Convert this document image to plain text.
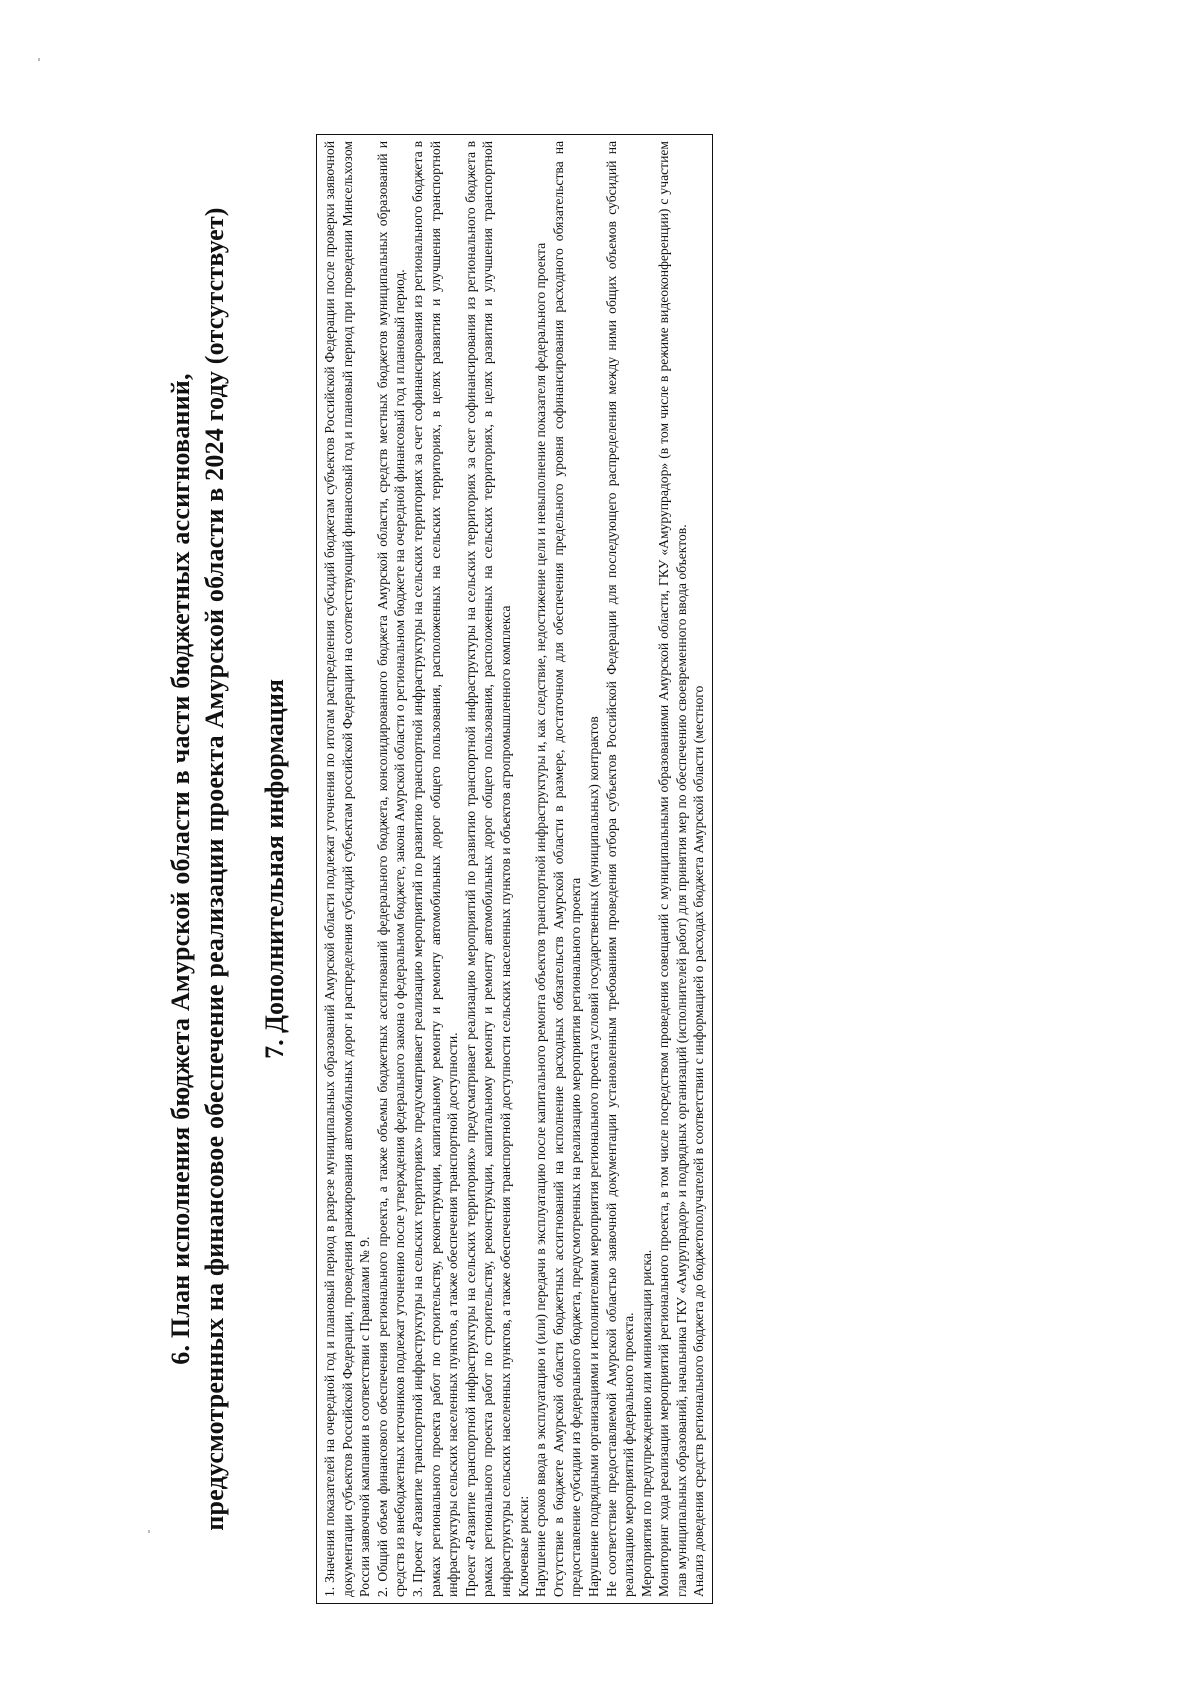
6. План исполнения бюджета Амурской области в части бюджетных ассигнований, предусмотренных на финансовое обеспечение реализации проекта Амурской области в 2024 году (отсутствует) 7. Дополнительная информация 1. Значения показателей на очередной год и плановый период в разрезе муниципальных образований Амурской области подлежат уточнения по итогам распределения субсидий бюджетам субъектов Российской Федерации после проверки заявочной документации субъектов Российской Федерации, проведения ранжирования автомобильных дорог и распределения субсидий субъектам российской Федерации на соответствующий финансовый год и плановый период при проведении Минсельхозом России заявочной кампании в соответствии с Правилами № 9. 2. Общий объем финансового обеспечения регионального проекта, а также объемы бюджетных ассигнований федерального бюджета, консолидированного бюджета Амурской области, средств местных бюджетов муниципальных образований и средств из внебюджетных источников подлежат уточнению после утверждения федерального закона о федеральном бюджете, закона Амурской области о региональном бюджете на очередной финансовый год и плановый период. 3. Проект «Развитие транспортной инфраструктуры на сельских территориях» предусматривает реализацию мероприятий по развитию транспортной инфраструктуры на сельских территориях за счет софинансирования из регионального бюджета в рамках регионального проекта работ по строительству, реконструкции, капитальному ремонту и ремонту автомобильных дорог общего пользования, расположенных на сельских территориях, в целях развития и улучшения транспортной инфраструктуры сельских населенных пунктов, а также обеспечения транспортной доступности. Проект «Развитие транспортной инфраструктуры на сельских территориях» предусматривает реализацию мероприятий по развитию транспортной инфраструктуры на сельских территориях за счет софинансирования из регионального бюджета в рамках регионального проекта работ по строительству, реконструкции, капитальному ремонту и ремонту автомобильных дорог общего пользования, расположенных на сельских территориях, в целях развития и улучшения транспортной инфраструктуры сельских населенных пунктов, а также обеспечения транспортной доступности сельских населенных пунктов и объектов агропромышленного комплекса Ключевые риски: Нарушение сроков ввода в эксплуатацию и (или) передачи в эксплуатацию после капитального ремонта объектов транспортной инфраструктуры и, как следствие, недостижение цели и невыполнение показателя федерального проекта Отсутствие в бюджете Амурской области бюджетных ассигнований на исполнение расходных обязательств Амурской области в размере, достаточном для обеспечения предельного уровня софинансирования расходного обязательства на предоставление субсидии из федерального бюджета, предусмотренных на реализацию мероприятия регионального проекта Нарушение подрядными организациями и исполнителями мероприятия регионального проекта условий государственных (муниципальных) контрактов Не соответствие предоставляемой Амурской областью заявочной документации установленным требованиям проведения отбора субъектов Российской Федерации для последующего распределения между ними общих объемов субсидий на реализацию мероприятий федерального проекта. Мероприятия по предупреждению или минимизации риска. Мониторинг хода реализации мероприятий регионального проекта, в том числе посредством проведения совещаний с муниципальными образованиями Амурской области, ГКУ «Амурупрадор» (в том числе в режиме видеоконференции) с участием глав муниципальных образований, начальника ГКУ «Амурупрадор» и подрядных организаций (исполнителей работ) для принятия мер по обеспечению своевременного ввода объектов. Анализ доведения средств регионального бюджета до бюджетополучателей в соответствии с информацией о расходах бюджета Амурской области (местного
